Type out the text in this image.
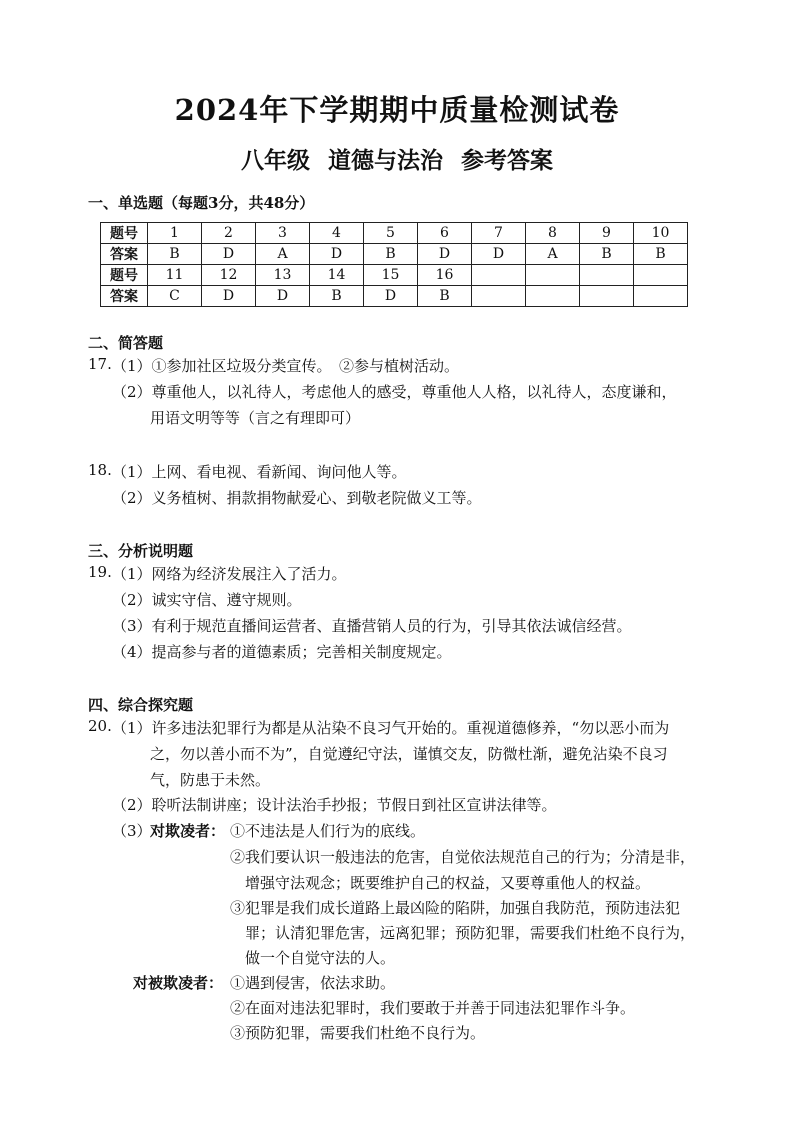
2024年下学期期中质量检测试卷
八年级 道德与法治 参考答案
一、单选题（每题3分，共48分）
题号	1	2	3	4	5	6	7	8	9	10
答案	B	D	A	D	B	D	D	A	B	B
题号	11	12	13	14	15	16				
答案	C	D	D	B	D	B				
二、简答题
17. （1）①参加社区垃圾分类宣传。　②参与植树活动。
（2）尊重他人，以礼待人，考虑他人的感受，尊重他人人格，以礼待人，态度谦和，
用语文明等等（言之有理即可）
18. （1）上网、看电视、看新闻、询问他人等。
（2）义务植树、捐款捐物献爱心、到敬老院做义工等。
三、分析说明题
19. （1）网络为经济发展注入了活力。
（2）诚实守信、遵守规则。
（3）有利于规范直播间运营者、直播营销人员的行为，引导其依法诚信经营。
（4）提高参与者的道德素质；完善相关制度规定。
四、综合探究题
20. （1）许多违法犯罪行为都是从沾染不良习气开始的。重视道德修养，“勿以恶小而为
之，勿以善小而不为”，自觉遵纪守法，谨慎交友，防微杜渐，避免沾染不良习
气，防患于未然。
（2）聆听法制讲座；设计法治手抄报；节假日到社区宣讲法律等。
（3）
对欺凌者： ①不违法是人们行为的底线。
②我们要认识一般违法的危害，自觉依法规范自己的行为；分清是非，
增强守法观念；既要维护自己的权益，又要尊重他人的权益。
③犯罪是我们成长道路上最凶险的陷阱，加强自我防范，预防违法犯
罪；认清犯罪危害，远离犯罪；预防犯罪，需要我们杜绝不良行为，
做一个自觉守法的人。
对被欺凌者： ①遇到侵害，依法求助。
②在面对违法犯罪时，我们要敢于并善于同违法犯罪作斗争。
③预防犯罪，需要我们杜绝不良行为。
